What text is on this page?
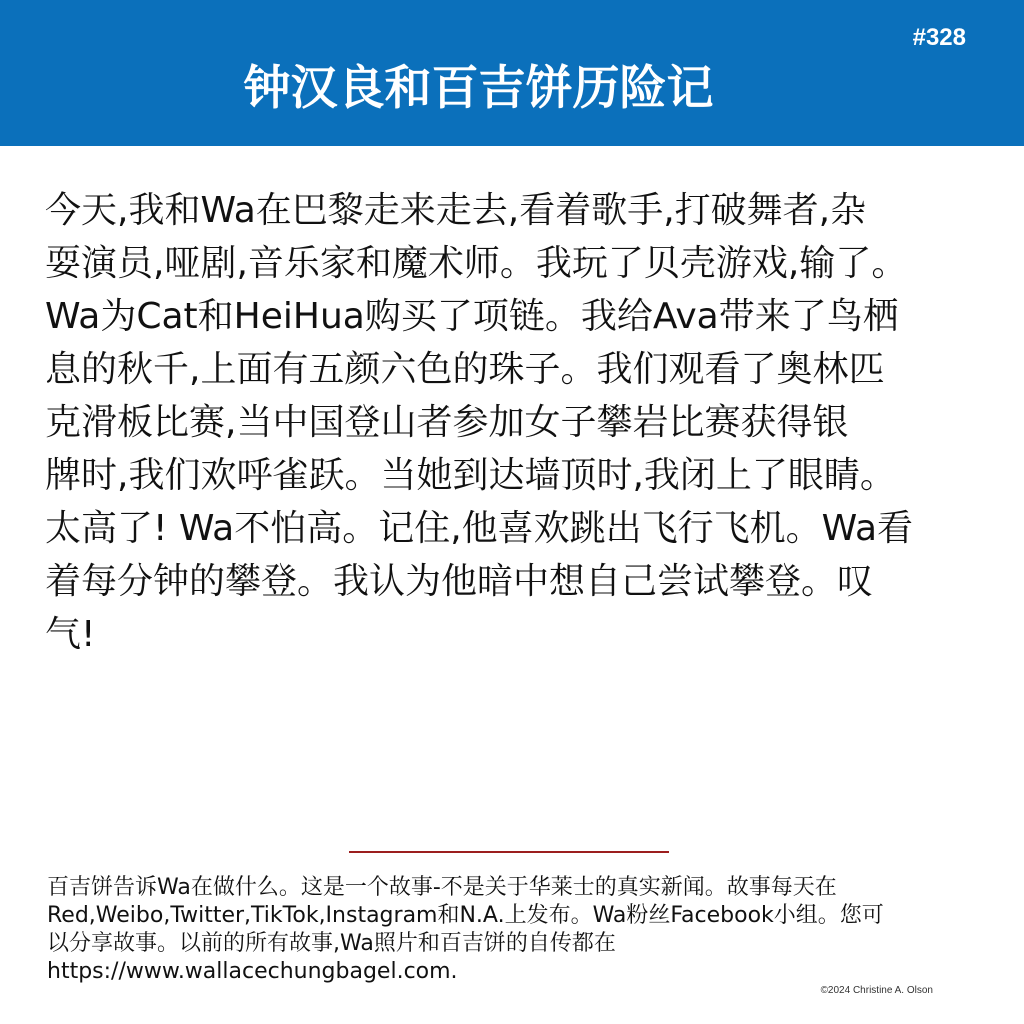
#328
钟汉良和百吉饼历险记
今天,我和Wa在巴黎走来走去,看着歌手,打破舞者,杂
耍演员,哑剧,音乐家和魔术师。我玩了贝壳游戏,输了。
Wa为Cat和HeiHua购买了项链。我给Ava带来了鸟栖
息的秋千,上面有五颜六色的珠子。我们观看了奥林匹
克滑板比赛,当中国登山者参加女子攀岩比赛获得银
牌时,我们欢呼雀跃。当她到达墙顶时,我闭上了眼睛。
太高了! Wa不怕高。记住,他喜欢跳出飞行飞机。Wa看
着每分钟的攀登。我认为他暗中想自己尝试攀登。叹
气!
百吉饼告诉Wa在做什么。这是一个故事-不是关于华莱士的真实新闻。故事每天在
Red,Weibo,Twitter,TikTok,Instagram和N.A.上发布。Wa粉丝Facebook小组。您可
以分享故事。以前的所有故事,Wa照片和百吉饼的自传都在
https://www.wallacechungbagel.com.
©2024 Christine A. Olson
